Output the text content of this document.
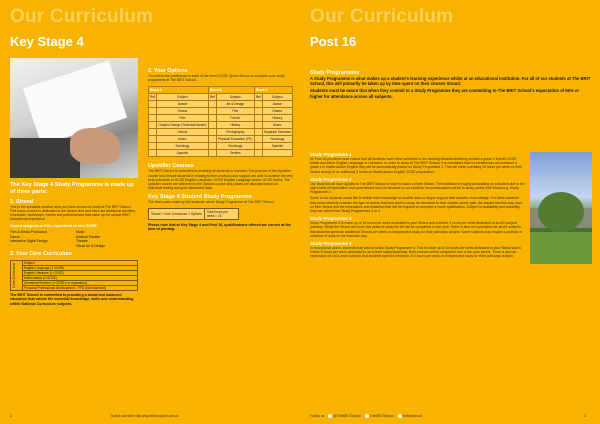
Our Curriculum
Key Stage 4
The Key Stage 4 Study Programme is made up of three parts:
1. Strand
This is the specialist creative area you have chosen to study at The BRIT School. Five hours a week is dedicated to the Strand time and there are additional activities, rehearsals, workshops, events and performances that make up the unique BRIT educational experience.
Strand subjects at KS4, equivalent to one GCSE:
Film & Media Production	Music
Dance	Musical Theatre
Interactive Digital Design	Theatre
Visual Art & Design
2. Your Core Curriculum
Core Curriculum
	Subject
English Language (1 GCSE)
English Literature (1 GCSE)
Mathematics (1 GCSE)
Combined Science (2 GCSE's or equivalent)
Personal Professional Development - PPD (not examined)
The BRIT School is committed to providing a broad and balanced education that values the essential knowledge, skills and understanding within National Curriculum subjects.
2. Your Options
You select one preference in each of the three GCSE Option Blocks to complete your study programme at The BRIT School.
Block A		Block B		Block C	
Ref	Subject	Ref	Subject	Ref	Subject
	Dance		Art & Design		Dance
	Drama		Film		Drama
	Film		French		History
	Graphic Design (Technical Award)		History		Music
	History		Photography		Separate Sciences
	Music		Physical Education (PE)		Sociology
	Sociology		Sociology		Spanish
	Spanish		Textiles		
Upskiller Courses
The BRIT School is committed to enabling all students to succeed. The purpose of the Upskiller course is to ensure students in reading further provision and support are able to achieve the very best outcomes in GCSE English Literature, GCSE English Language and/or GCSE Maths. The Upskiller course are delivered in the Options course and places are allocated based on individual testing and prior attainment data.
Key Stage 4 Student Study Programme
The three parts make up the students' whole Study Programme at The BRIT School.
Strand + Core Curriculum + Options	Total hours per week = 25
Please note that at Key Stage 4 and Post 16, qualifications offered are correct at the time of printing.
To find out more visit www.brit.croydon.sch.uk
2
Our Curriculum
Post 16
Study Programmes
A Study Programme is what makes up a student's learning experience whilst at an educational institution. For all of our students at The BRIT School, this will primarily be taken up by time spent on their chosen Strand.
Students must be aware that when they commit to a Study Programme they are committing to The BRIT School's expectation of 96% or higher for attendance across all subjects.
Study Programme 1
All Post 16 provision must ensure that all students have either achieved or are working towards achieving at least a grade 4 in both GCSE Maths and either English Language or Literature. In order to study at The BRIT School, it is mandatory that if a student has not achieved a grade 4 in maths and/or English they will be automatically placed on Study Programme 1. This will mean spending 15 hours per week on their Strand and up to an additional 3 hours on Maths and/or English GCSE preparation.
Study Programme 2
Our students will have applied to The BRIT School in order to focus on their Strand. The institution is hugely demanding on a student due to the high levels of expectation and commitment and it is because of our students' recommendation will be to study purely their Strand e.g. Study Programme 2.
Some of our students would like to further their knowledge of another area or simply support their breadth of knowledge. For these students they must carefully consider the type of course that they wish to study, its relevance to their chosen career path, the impact that this may have on their Strand and the expectation and institution that will be required to complete a fourth qualification. Subject to availability and suitability, they can select from Study Programmes 3 or 4.
Study Programme 3
Study Programme 3 is made up of 15 hours per week dedicated to your Strand and a further 3 hours per week dedicated to an AS subject/ pathway. Whilst the Strand will cover two years of study the AS will be completed in one year. There is also an expectation for all AS subjects that students spend an additional 3 hours per week on independent study for their pathways subject. Some subjects may require a portfolio or evidence of work on the induction day.
Study Programme 4
In exceptional cases, students may wish to follow Study Programme 4. This is made up of 15 hours per week dedicated to your Strand and a further 5 hours per week dedicated to an A-level subject/pathway. Both courses will be completed over a two-year period. There is also an expectation for all A-level subjects that students spend a minimum of 5 hours per week on independent study for their pathways subject.
Follow us	@TheBRITSchool	TheBRITSchool	thebritschool	3
